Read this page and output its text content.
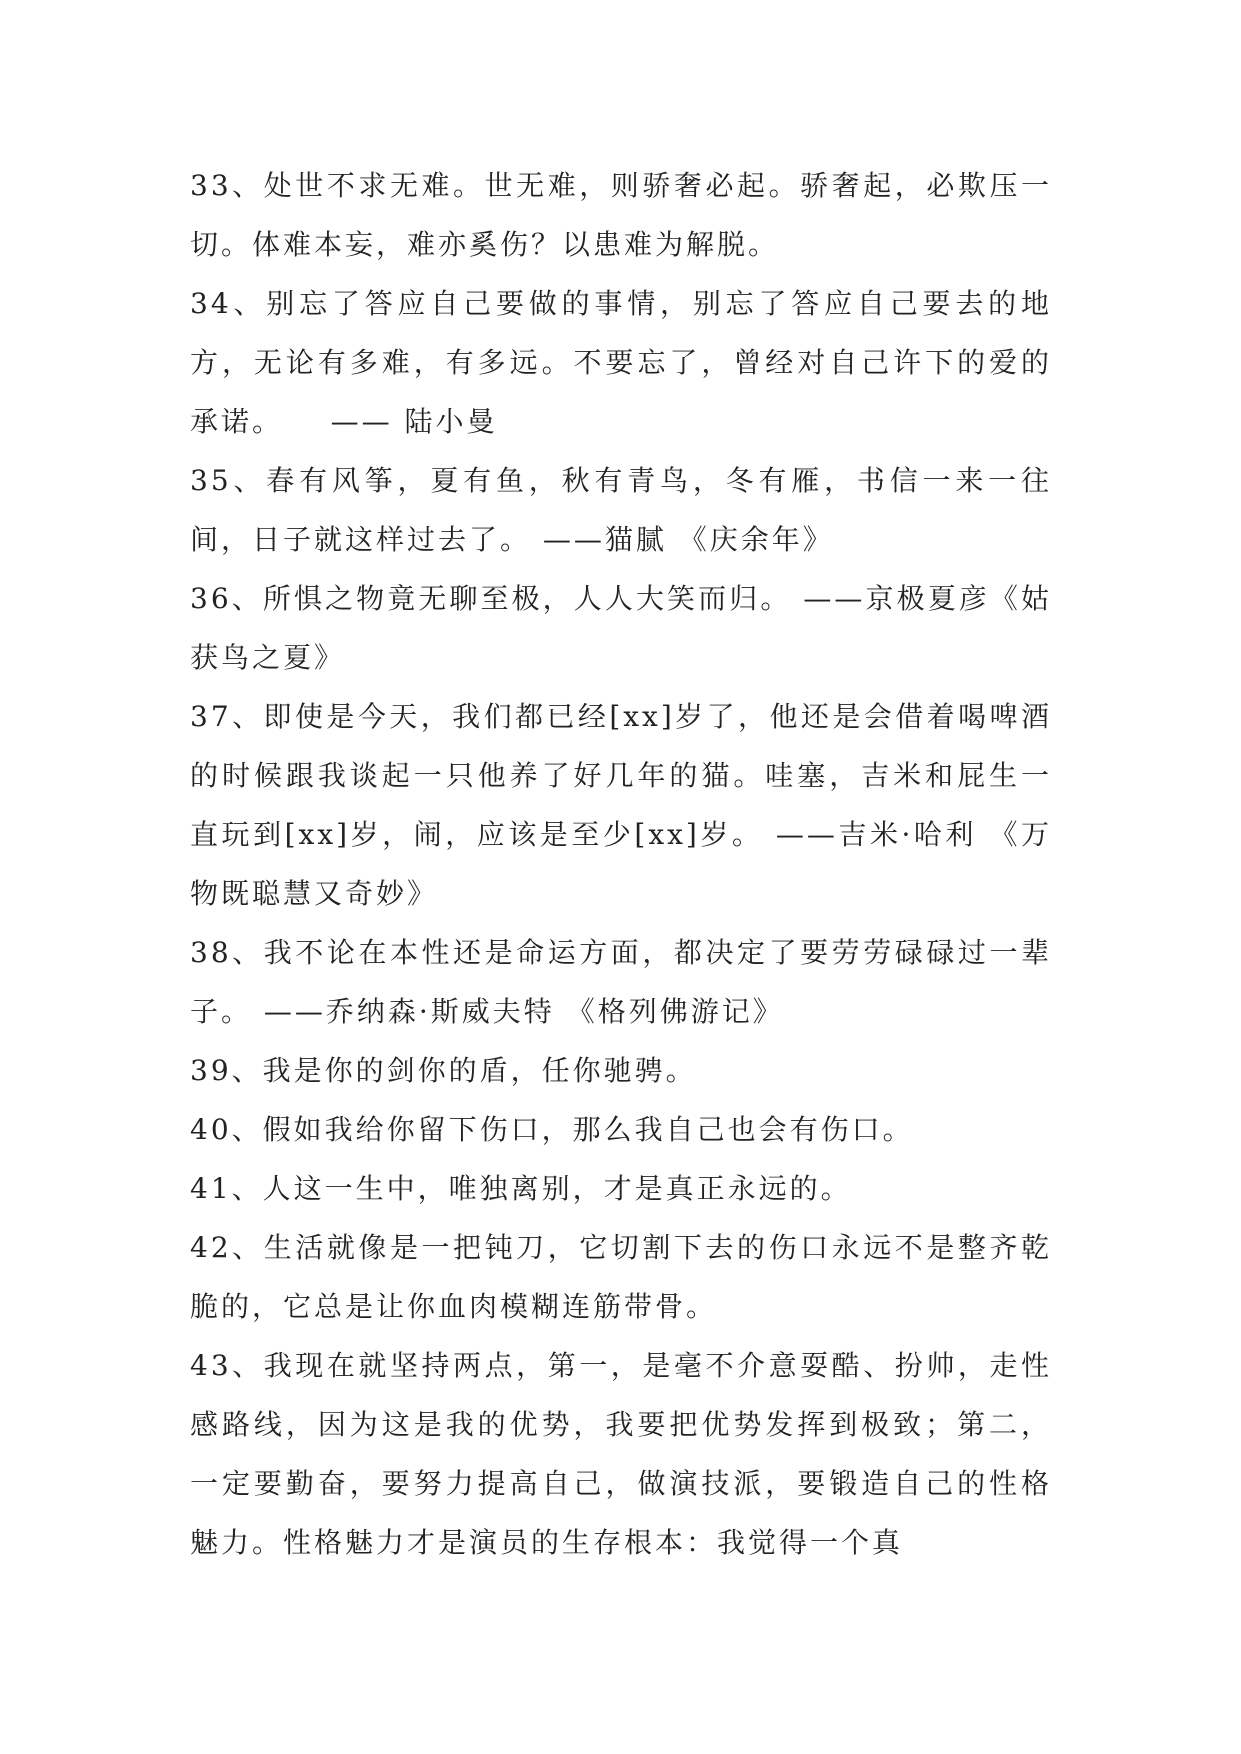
33、处世不求无难。世无难，则骄奢必起。骄奢起，必欺压一切。体难本妄，难亦奚伤？以患难为解脱。

34、别忘了答应自己要做的事情，别忘了答应自己要去的地方，无论有多难，有多远。不要忘了，曾经对自己许下的爱的承诺。    —— 陆小曼

35、春有风筝，夏有鱼，秋有青鸟，冬有雁，书信一来一往间，日子就这样过去了。 ——猫腻 《庆余年》

36、所惧之物竟无聊至极，人人大笑而归。 ——京极夏彦《姑获鸟之夏》

37、即使是今天，我们都已经[xx]岁了，他还是会借着喝啤酒的时候跟我谈起一只他养了好几年的猫。哇塞，吉米和屁生一直玩到[xx]岁，闹，应该是至少[xx]岁。 ——吉米·哈利 《万物既聪慧又奇妙》

38、我不论在本性还是命运方面，都决定了要劳劳碌碌过一辈子。 ——乔纳森·斯威夫特 《格列佛游记》

39、我是你的剑你的盾，任你驰骋。

40、假如我给你留下伤口，那么我自己也会有伤口。

41、人这一生中，唯独离别，才是真正永远的。

42、生活就像是一把钝刀，它切割下去的伤口永远不是整齐乾脆的，它总是让你血肉模糊连筋带骨。

43、我现在就坚持两点，第一，是毫不介意耍酷、扮帅，走性感路线，因为这是我的优势，我要把优势发挥到极致；第二，一定要勤奋，要努力提高自己，做演技派，要锻造自己的性格魅力。性格魅力才是演员的生存根本：我觉得一个真
